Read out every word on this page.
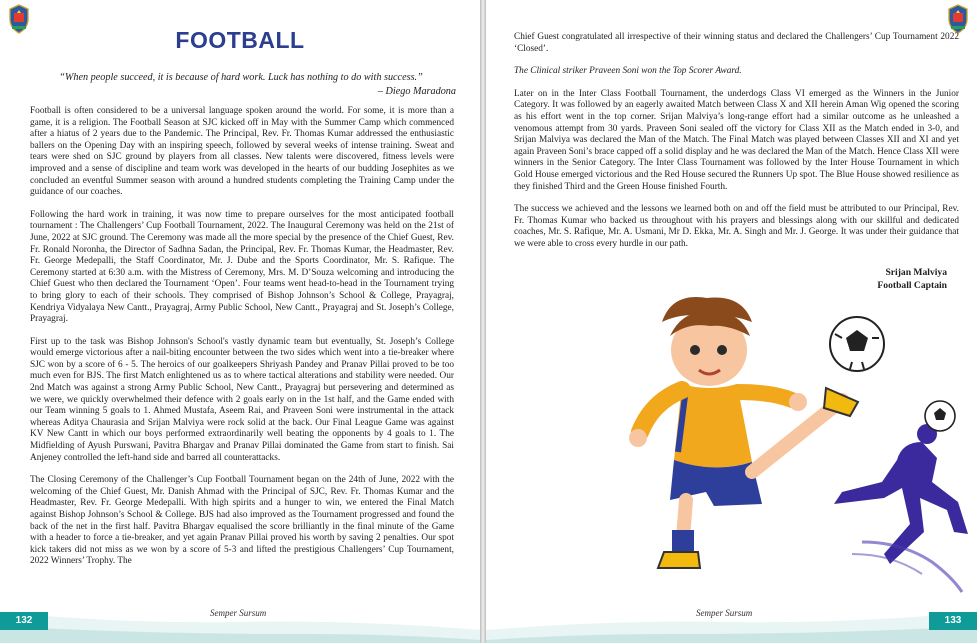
FOOTBALL
“When people succeed, it is because of hard work. Luck has nothing to do with success.”
– Diego Maradona

Football is often considered to be a universal language spoken around the world. For some, it is more than a game, it is a religion. The Football Season at SJC kicked off in May with the Summer Camp which commenced after a hiatus of 2 years due to the Pandemic. The Principal, Rev. Fr. Thomas Kumar addressed the enthusiastic ballers on the Opening Day with an inspiring speech, followed by several weeks of intense training. Sweat and tears were shed on SJC ground by players from all classes. New talents were discovered, fitness levels were improved and a sense of discipline and team work was developed in the hearts of our budding Josephites as we concluded an eventful Summer season with around a hundred students completing the Training Camp under the guidance of our coaches.

Following the hard work in training, it was now time to prepare ourselves for the most anticipated football tournament : The Challengers’ Cup Football Tournament, 2022. The Inaugural Ceremony was held on the 21st of June, 2022 at SJC ground. The Ceremony was made all the more special by the presence of the Chief Guest, Rev. Fr. Ronald Noronha, the Director of Sadhna Sadan, the Principal, Rev. Fr. Thomas Kumar, the Headmaster, Rev. Fr. George Medepalli, the Staff Coordinator, Mr. J. Dube and the Sports Coordinator, Mr. S. Rafique. The Ceremony started at 6:30 a.m. with the Mistress of Ceremony, Mrs. M. D’Souza welcoming and introducing the Chief Guest who then declared the Tournament ‘Open’. Four teams went head-to-head in the Tournament trying to bring glory to each of their schools. They comprised of Bishop Johnson’s School & College, Prayagraj, Kendriya Vidyalaya New Cantt., Prayagraj, Army Public School, New Cantt., Prayagraj and St. Joseph’s College, Prayagraj.

First up to the task was Bishop Johnson's School's vastly dynamic team but eventually, St. Joseph’s College would emerge victorious after a nail-biting encounter between the two sides which went into a tie-breaker where SJC won by a score of 6 - 5. The heroics of our goalkeepers Shriyash Pandey and Pranav Pillai proved to be too much even for BJS. The first Match enlightened us as to where tactical alterations and stability were needed. Our 2nd Match was against a strong Army Public School, New Cantt., Prayagraj but persevering and determined as we were, we quickly overwhelmed their defence with 2 goals early on in the 1st half, and the Game ended with our Team winning 5 goals to 1. Ahmed Mustafa, Aseem Rai, and Praveen Soni were instrumental in the attack whereas Aditya Chaurasia and Srijan Malviya were rock solid at the back. Our Final League Game was against KV New Cantt in which our boys performed extraordinarily well beating the opponents by 4 goals to 1. The Midfielding of Ayush Purswani, Pavitra Bhargav and Pranav Pillai dominated the Game from start to finish. Sai Anjeney controlled the left-hand side and barred all counterattacks.

The Closing Ceremony of the Challenger’s Cup Football Tournament began on the 24th of June, 2022 with the welcoming of the Chief Guest, Mr. Danish Ahmad with the Principal of SJC, Rev. Fr. Thomas Kumar and the Headmaster, Rev. Fr. George Medepalli. With high spirits and a hunger to win, we entered the Final Match against Bishop Johnson’s School & College. BJS had also improved as the Tournament progressed and found the back of the net in the first half. Pavitra Bhargav equalised the score brilliantly in the final minute of the Game with a header to force a tie-breaker, and yet again Pranav Pillai proved his worth by saving 2 penalties. Our spot kick takers did not miss as we won by a score of 5-3 and lifted the prestigious Challengers’ Cup Tournament, 2022 Winners’ Trophy. The

Semper Sursum
132

Chief Guest congratulated all irrespective of their winning status and declared the Challengers’ Cup Tournament 2022 ‘Closed’.

The Clinical striker Praveen Soni won the Top Scorer Award.

Later on in the Inter Class Football Tournament, the underdogs Class VI emerged as the Winners in the Junior Category. It was followed by an eagerly awaited Match between Class X and XII herein Aman Wig opened the scoring as his effort went in the top corner. Srijan Malviya’s long-range effort had a similar outcome as he unleashed a venomous attempt from 30 yards. Praveen Soni sealed off the victory for Class XII as the Match ended in 3-0, and Srijan Malviya was declared the Man of the Match. The Final Match was played between Classes XII and XI and yet again Praveen Soni’s brace capped off a solid display and he was declared the Man of the Match. Hence Class XII were winners in the Senior Category. The Inter Class Tournament was followed by the Inter House Tournament in which Gold House emerged victorious and the Red House secured the Runners Up spot. The Blue House showed resilience as they finished Third and the Green House finished Fourth.

The success we achieved and the lessons we learned both on and off the field must be attributed to our Principal, Rev. Fr. Thomas Kumar who backed us throughout with his prayers and blessings along with our skillful and dedicated coaches, Mr. S. Rafique, Mr. A. Usmani, Mr D. Ekka, Mr. A. Singh and Mr. J. George. It was under their guidance that we were able to cross every hurdle in our path.

Srijan Malviya
Football Captain
Semper Sursum
133
